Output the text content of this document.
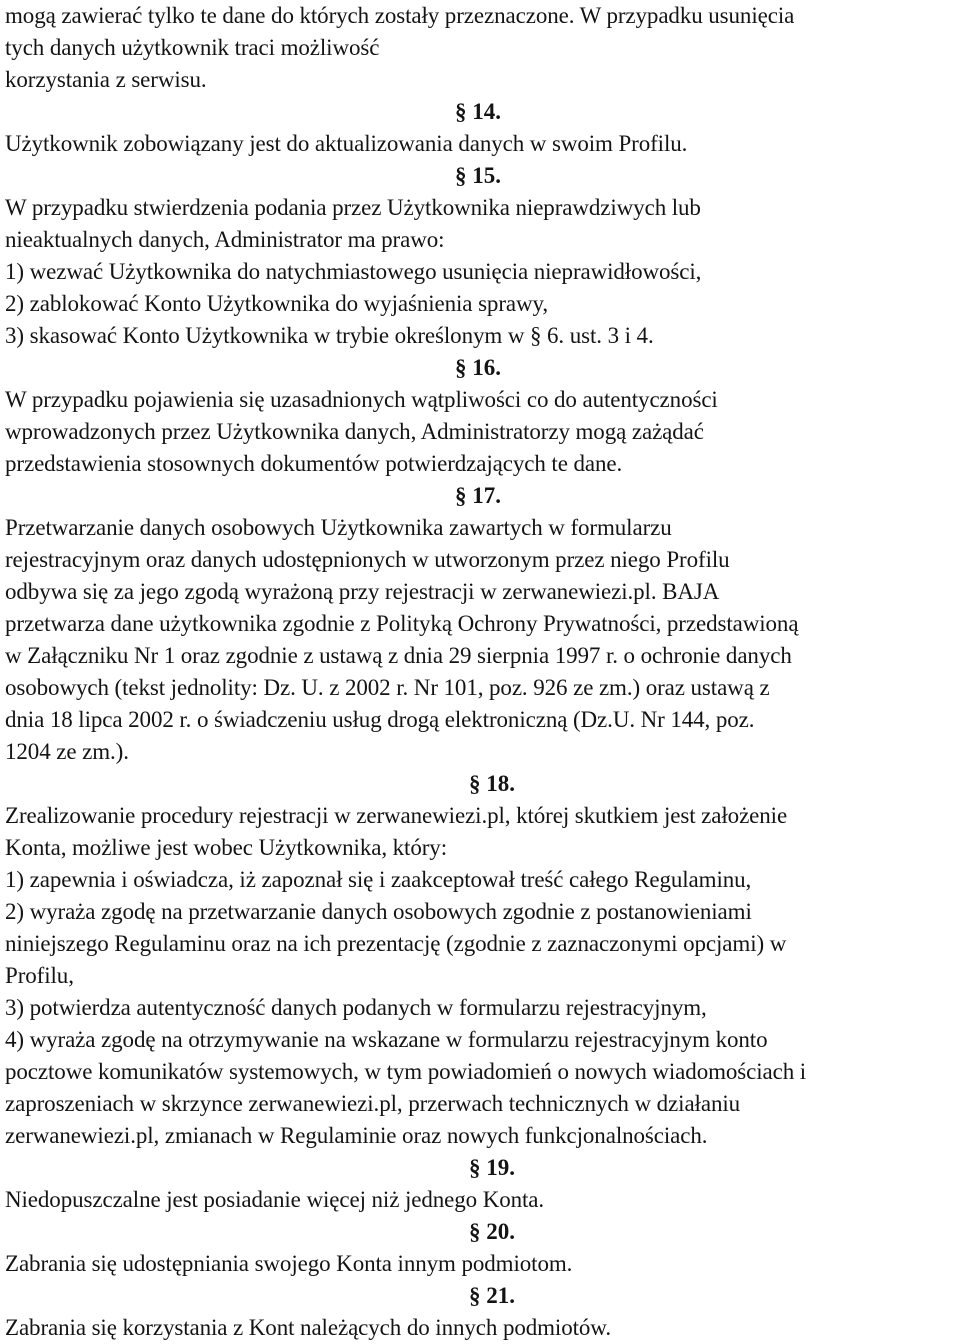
mogą zawierać tylko te dane do których zostały przeznaczone. W przypadku usunięcia
tych danych użytkownik traci możliwość
korzystania z serwisu.
§ 14.
Użytkownik zobowiązany jest do aktualizowania danych w swoim Profilu.
§ 15.
W przypadku stwierdzenia podania przez Użytkownika nieprawdziwych lub
nieaktualnych danych, Administrator ma prawo:
1) wezwać Użytkownika do natychmiastowego usunięcia nieprawidłowości,
2) zablokować Konto Użytkownika do wyjaśnienia sprawy,
3) skasować Konto Użytkownika w trybie określonym w § 6. ust. 3 i 4.
§ 16.
W przypadku pojawienia się uzasadnionych wątpliwości co do autentyczności
wprowadzonych przez Użytkownika danych, Administratorzy mogą zażądać
przedstawienia stosownych dokumentów potwierdzających te dane.
§ 17.
Przetwarzanie danych osobowych Użytkownika zawartych w formularzu
rejestracyjnym oraz danych udostępnionych w utworzonym przez niego Profilu
odbywa się za jego zgodą wyrażoną przy rejestracji w zerwanewiezi.pl. BAJA
przetwarza dane użytkownika zgodnie z Polityką Ochrony Prywatności, przedstawioną
w Załączniku Nr 1 oraz zgodnie z ustawą z dnia 29 sierpnia 1997 r. o ochronie danych
osobowych (tekst jednolity: Dz. U. z 2002 r. Nr 101, poz. 926 ze zm.) oraz ustawą z
dnia 18 lipca 2002 r. o świadczeniu usług drogą elektroniczną (Dz.U. Nr 144, poz.
1204 ze zm.).
§ 18.
Zrealizowanie procedury rejestracji w zerwanewiezi.pl, której skutkiem jest założenie
Konta, możliwe jest wobec Użytkownika, który:
1) zapewnia i oświadcza, iż zapoznał się i zaakceptował treść całego Regulaminu,
2) wyraża zgodę na przetwarzanie danych osobowych zgodnie z postanowieniami
niniejszego Regulaminu oraz na ich prezentację (zgodnie z zaznaczonymi opcjami) w
Profilu,
3) potwierdza autentyczność danych podanych w formularzu rejestracyjnym,
4) wyraża zgodę na otrzymywanie na wskazane w formularzu rejestracyjnym konto
pocztowe komunikatów systemowych, w tym powiadomień o nowych wiadomościach i
zaproszeniach w skrzynce zerwanewiezi.pl, przerwach technicznych w działaniu
zerwanewiezi.pl, zmianach w Regulaminie oraz nowych funkcjonalnościach.
§ 19.
Niedopuszczalne jest posiadanie więcej niż jednego Konta.
§ 20.
Zabrania się udostępniania swojego Konta innym podmiotom.
§ 21.
Zabrania się korzystania z Kont należących do innych podmiotów.
